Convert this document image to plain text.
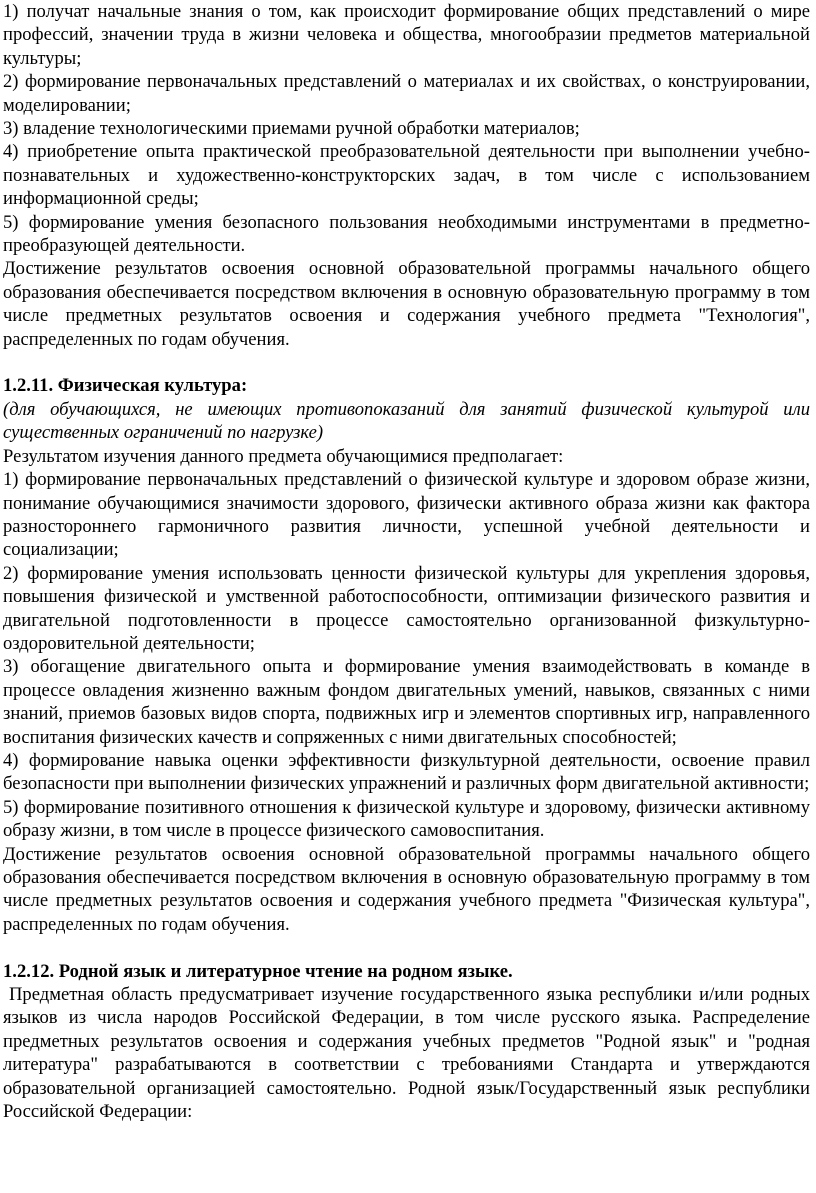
1) получат начальные знания о том, как происходит формирование общих представлений о мире профессий, значении труда в жизни человека и общества, многообразии предметов материальной культуры;

2) формирование первоначальных представлений о материалах и их свойствах, о конструировании, моделировании;

3) владение технологическими приемами ручной обработки материалов;

4) приобретение опыта практической преобразовательной деятельности при выполнении учебно-познавательных и художественно-конструкторских задач, в том числе с использованием информационной среды;

5) формирование умения безопасного пользования необходимыми инструментами в предметно-преобразующей деятельности.

Достижение результатов освоения основной образовательной программы начального общего образования обеспечивается посредством включения в основную образовательную программу в том числе предметных результатов освоения и содержания учебного предмета "Технология", распределенных по годам обучения.

1.2.11. Физическая культура:

(для обучающихся, не имеющих противопоказаний для занятий физической культурой или существенных ограничений по нагрузке)

Результатом изучения данного предмета обучающимися предполагает:

1) формирование первоначальных представлений о физической культуре и здоровом образе жизни, понимание обучающимися значимости здорового, физически активного образа жизни как фактора разностороннего гармоничного развития личности, успешной учебной деятельности и социализации;

2) формирование умения использовать ценности физической культуры для укрепления здоровья, повышения физической и умственной работоспособности, оптимизации физического развития и двигательной подготовленности в процессе самостоятельно организованной физкультурно-оздоровительной деятельности;

3) обогащение двигательного опыта и формирование умения взаимодействовать в команде в процессе овладения жизненно важным фондом двигательных умений, навыков, связанных с ними знаний, приемов базовых видов спорта, подвижных игр и элементов спортивных игр, направленного воспитания физических качеств и сопряженных с ними двигательных способностей;

4) формирование навыка оценки эффективности физкультурной деятельности, освоение правил безопасности при выполнении физических упражнений и различных форм двигательной активности;

5) формирование позитивного отношения к физической культуре и здоровому, физически активному образу жизни, в том числе в процессе физического самовоспитания.

Достижение результатов освоения основной образовательной программы начального общего образования обеспечивается посредством включения в основную образовательную программу в том числе предметных результатов освоения и содержания учебного предмета "Физическая культура", распределенных по годам обучения.

1.2.12. Родной язык и литературное чтение на родном языке.

Предметная область предусматривает изучение государственного языка республики и/или родных языков из числа народов Российской Федерации, в том числе русского языка. Распределение предметных результатов освоения и содержания учебных предметов "Родной язык" и "родная литература" разрабатываются в соответствии с требованиями Стандарта и утверждаются образовательной организацией самостоятельно. Родной язык/Государственный язык республики Российской Федерации:
